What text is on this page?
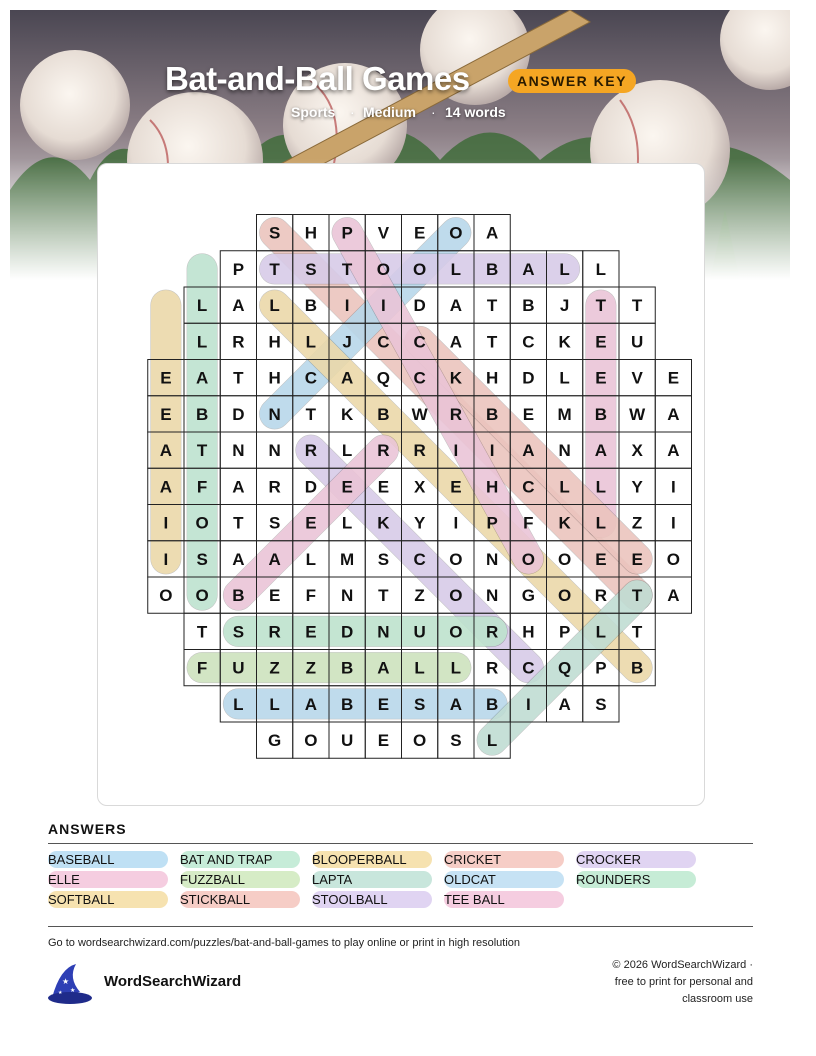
Bat-and-Ball Games	ANSWER KEY
Sports · Medium · 14 words
S H P V E O A
P T S T O O L B A L L
L A L B I I D A T B J T T
L R H L J C C A T C K E U
E A T H C A Q C K H D L E V E
E B D N T K B W R B E M B W A
A T N N R L R R I I A N A X A
A F A R D E E X E H C L L Y I
I O T S E L K Y I P F K L Z I
I S A A L M S C O N O O E E O
O O B E F N T Z O N G O R T A
T S R E D N U O R H P L T
F U Z Z B A L L R C Q P B
L L A B E S A B I A S
G O U E O S L
ANSWERS
BASEBALL	BAT AND TRAP	BLOOPERBALL	CRICKET	CROCKER
ELLE	FUZZBALL	LAPTA	OLDCAT	ROUNDERS
SOFTBALL	STICKBALL	STOOLBALL	TEE BALL
Go to wordsearchwizard.com/puzzles/bat-and-ball-games to play online or print in high resolution
★
★
★
WordSearchWizard
© 2026 WordSearchWizard ·
free to print for personal and
classroom use
